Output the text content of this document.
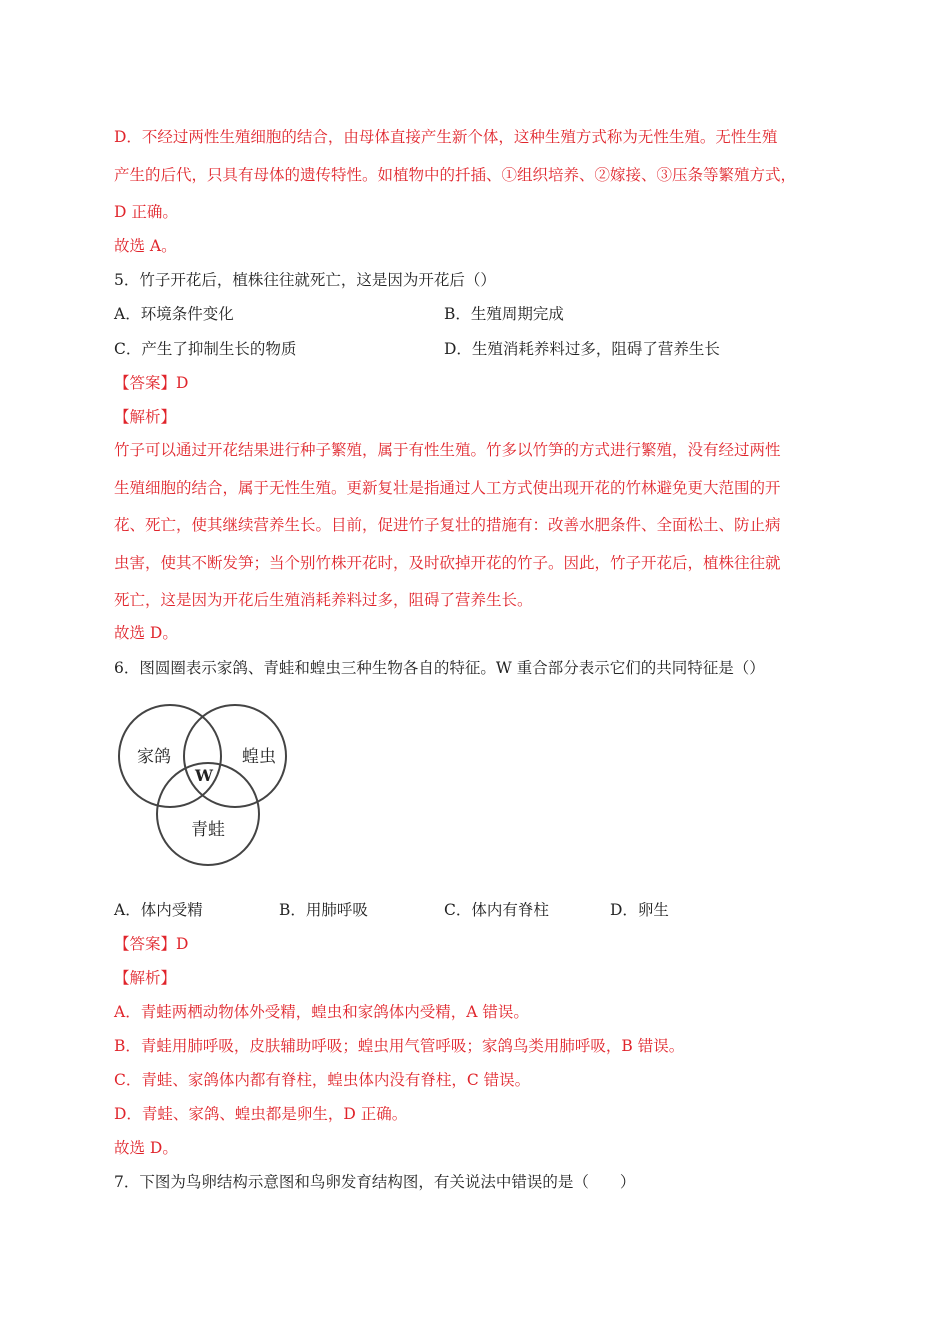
D．不经过两性生殖细胞的结合，由母体直接产生新个体，这种生殖方式称为无性生殖。无性生殖
产生的后代，只具有母体的遗传特性。如植物中的扦插、①组织培养、②嫁接、③压条等繁殖方式，
D 正确。
故选 A。
5．竹子开花后，植株往往就死亡，这是因为开花后（）
A．环境条件变化	B．生殖周期完成
C．产生了抑制生长的物质	D．生殖消耗养料过多，阻碍了营养生长
【答案】D
【解析】
竹子可以通过开花结果进行种子繁殖，属于有性生殖。竹多以竹笋的方式进行繁殖，没有经过两性
生殖细胞的结合，属于无性生殖。更新复壮是指通过人工方式使出现开花的竹林避免更大范围的开
花、死亡，使其继续营养生长。目前，促进竹子复壮的措施有：改善水肥条件、全面松土、防止病
虫害，使其不断发笋；当个别竹株开花时，及时砍掉开花的竹子。因此，竹子开花后，植株往往就
死亡，这是因为开花后生殖消耗养料过多，阻碍了营养生长。
故选 D。
6．图圆圈表示家鸽、青蛙和蝗虫三种生物各自的特征。W 重合部分表示它们的共同特征是（）
家鸽	蝗虫
青蛙
W
A．体内受精	B．用肺呼吸	C．体内有脊柱	D．卵生
【答案】D
【解析】
A．青蛙两栖动物体外受精，蝗虫和家鸽体内受精，A 错误。
B．青蛙用肺呼吸，皮肤辅助呼吸；蝗虫用气管呼吸；家鸽鸟类用肺呼吸，B 错误。
C．青蛙、家鸽体内都有脊柱，蝗虫体内没有脊柱，C 错误。
D．青蛙、家鸽、蝗虫都是卵生，D 正确。
故选 D。
7．下图为鸟卵结构示意图和鸟卵发育结构图，有关说法中错误的是（　　）
